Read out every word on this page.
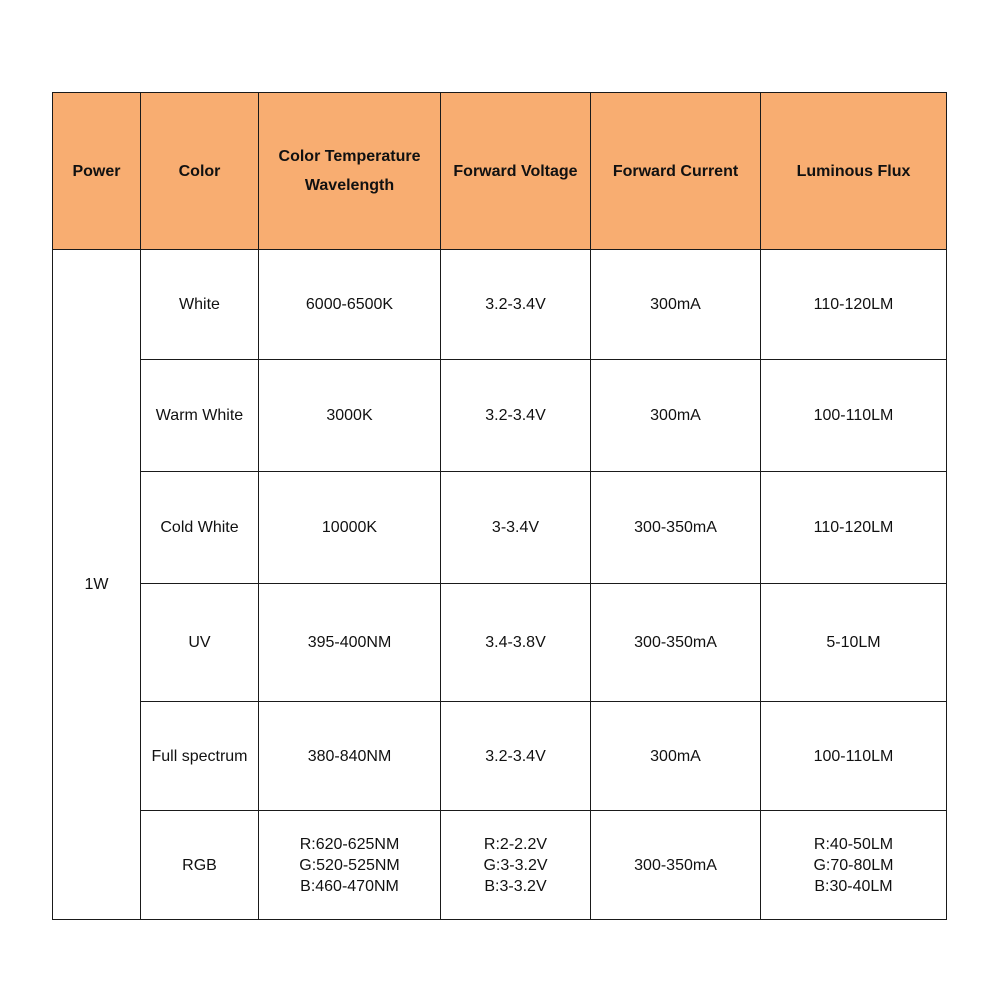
Power	Color	Color Temperature
Wavelength	Forward Voltage	Forward Current	Luminous Flux

1W	White	6000-6500K	3.2-3.4V	300mA	110-120LM

	Warm White	3000K	3.2-3.4V	300mA	100-110LM

	Cold White	10000K	3-3.4V	300-350mA	110-120LM

	UV	395-400NM	3.4-3.8V	300-350mA	5-10LM

	Full spectrum	380-840NM	3.2-3.4V	300mA	100-110LM

	RGB	R:620-625NM
G:520-525NM
B:460-470NM	R:2-2.2V
G:3-3.2V
B:3-3.2V	300-350mA	R:40-50LM
G:70-80LM
B:30-40LM
